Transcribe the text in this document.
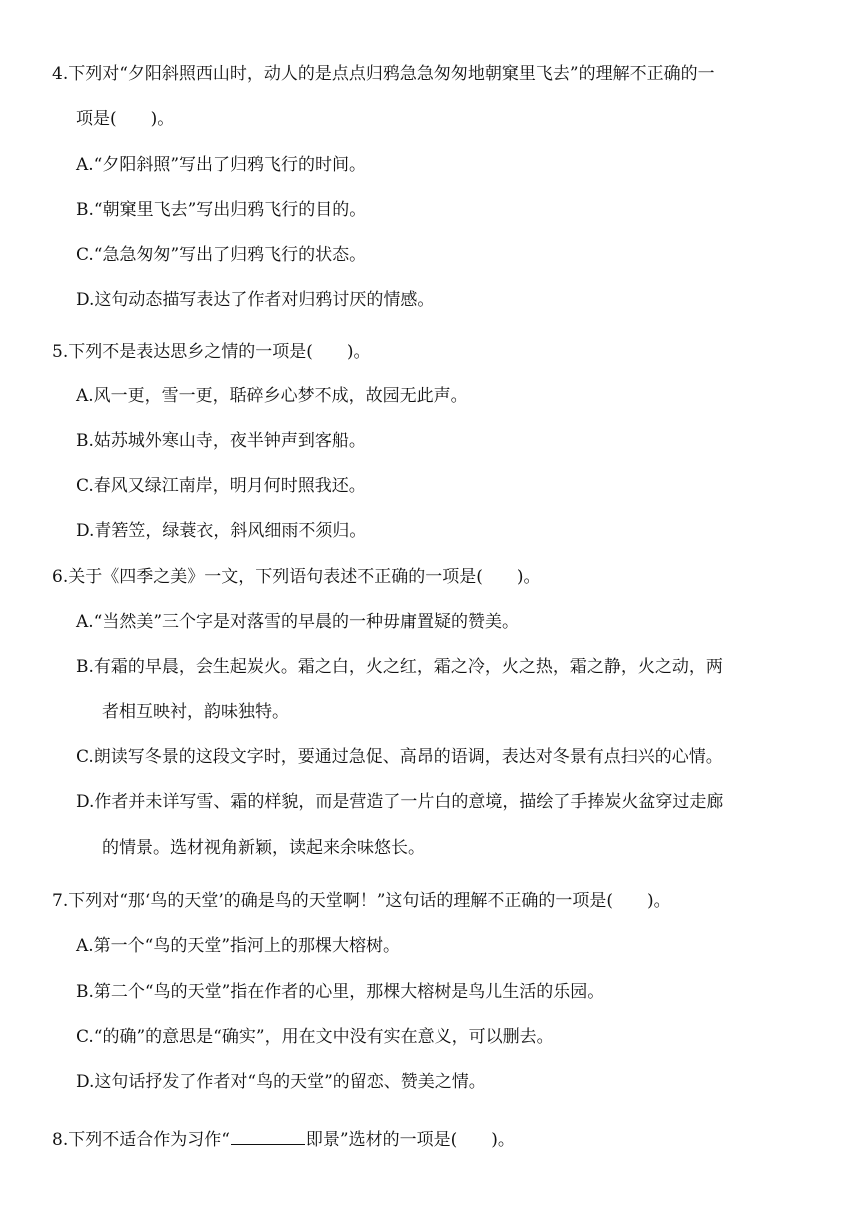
4.下列对“夕阳斜照西山时，动人的是点点归鸦急急匆匆地朝窠里飞去”的理解不正确的一
项是(　　)。
A.“夕阳斜照”写出了归鸦飞行的时间。
B.“朝窠里飞去”写出归鸦飞行的目的。
C.“急急匆匆”写出了归鸦飞行的状态。
D.这句动态描写表达了作者对归鸦讨厌的情感。
5.下列不是表达思乡之情的一项是(　　)。
A.风一更，雪一更，聒碎乡心梦不成，故园无此声。
B.姑苏城外寒山寺，夜半钟声到客船。
C.春风又绿江南岸，明月何时照我还。
D.青箬笠，绿蓑衣，斜风细雨不须归。
6.关于《四季之美》一文，下列语句表述不正确的一项是(　　)。
A.“当然美”三个字是对落雪的早晨的一种毋庸置疑的赞美。
B.有霜的早晨，会生起炭火。霜之白，火之红，霜之冷，火之热，霜之静，火之动，两
者相互映衬，韵味独特。
C.朗读写冬景的这段文字时，要通过急促、高昂的语调，表达对冬景有点扫兴的心情。
D.作者并未详写雪、霜的样貌，而是营造了一片白的意境，描绘了手捧炭火盆穿过走廊
的情景。选材视角新颖，读起来余味悠长。
7.下列对“那‘鸟的天堂’的确是鸟的天堂啊！”这句话的理解不正确的一项是(　　)。
A.第一个“鸟的天堂”指河上的那棵大榕树。
B.第二个“鸟的天堂”指在作者的心里，那棵大榕树是鸟儿生活的乐园。
C.“的确”的意思是“确实”，用在文中没有实在意义，可以删去。
D.这句话抒发了作者对“鸟的天堂”的留恋、赞美之情。
8.下列不适合作为习作“	即景”选材的一项是(　　)。
